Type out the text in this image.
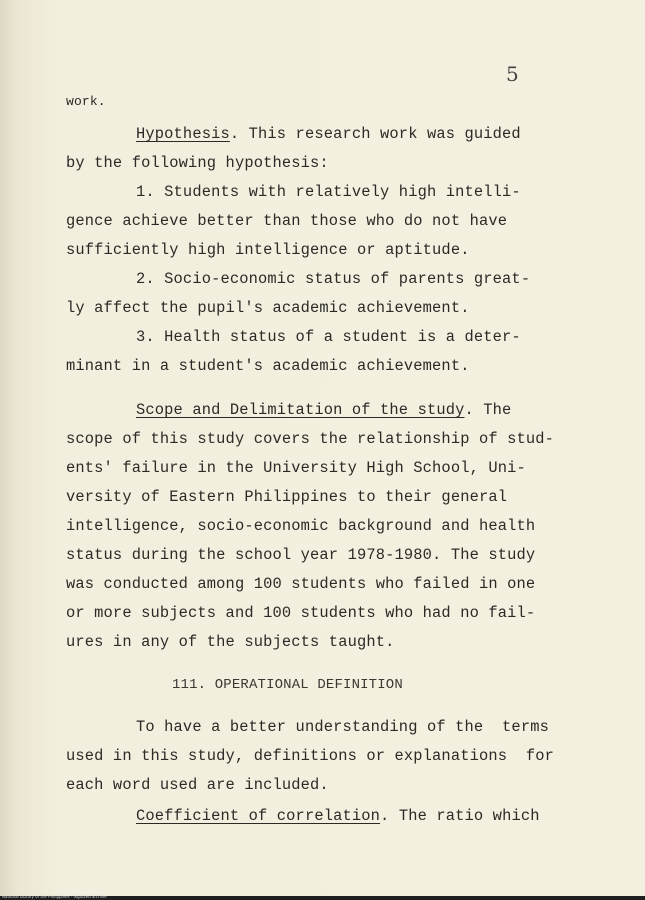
5
work.
Hypothesis. This research work was guided
by the following hypothesis:
1. Students with relatively high intelli-
gence achieve better than those who do not have
sufficiently high intelligence or aptitude.
2. Socio-economic status of parents great-
ly affect the pupil's academic achievement.
3. Health status of a student is a deter-
minant in a student's academic achievement.
Scope and Delimitation of the study. The
scope of this study covers the relationship of stud-
ents' failure in the University High School, Uni-
versity of Eastern Philippines to their general
intelligence, socio-economic background and health
status during the school year 1978-1980. The study
was conducted among 100 students who failed in one
or more subjects and 100 students who had no fail-
ures in any of the subjects taught.
111. OPERATIONAL DEFINITION
To have a better understanding of the  terms
used in this study, definitions or explanations  for
each word used are included.
Coefficient of correlation. The ratio which
National Library of the Philippines · digitized archive
